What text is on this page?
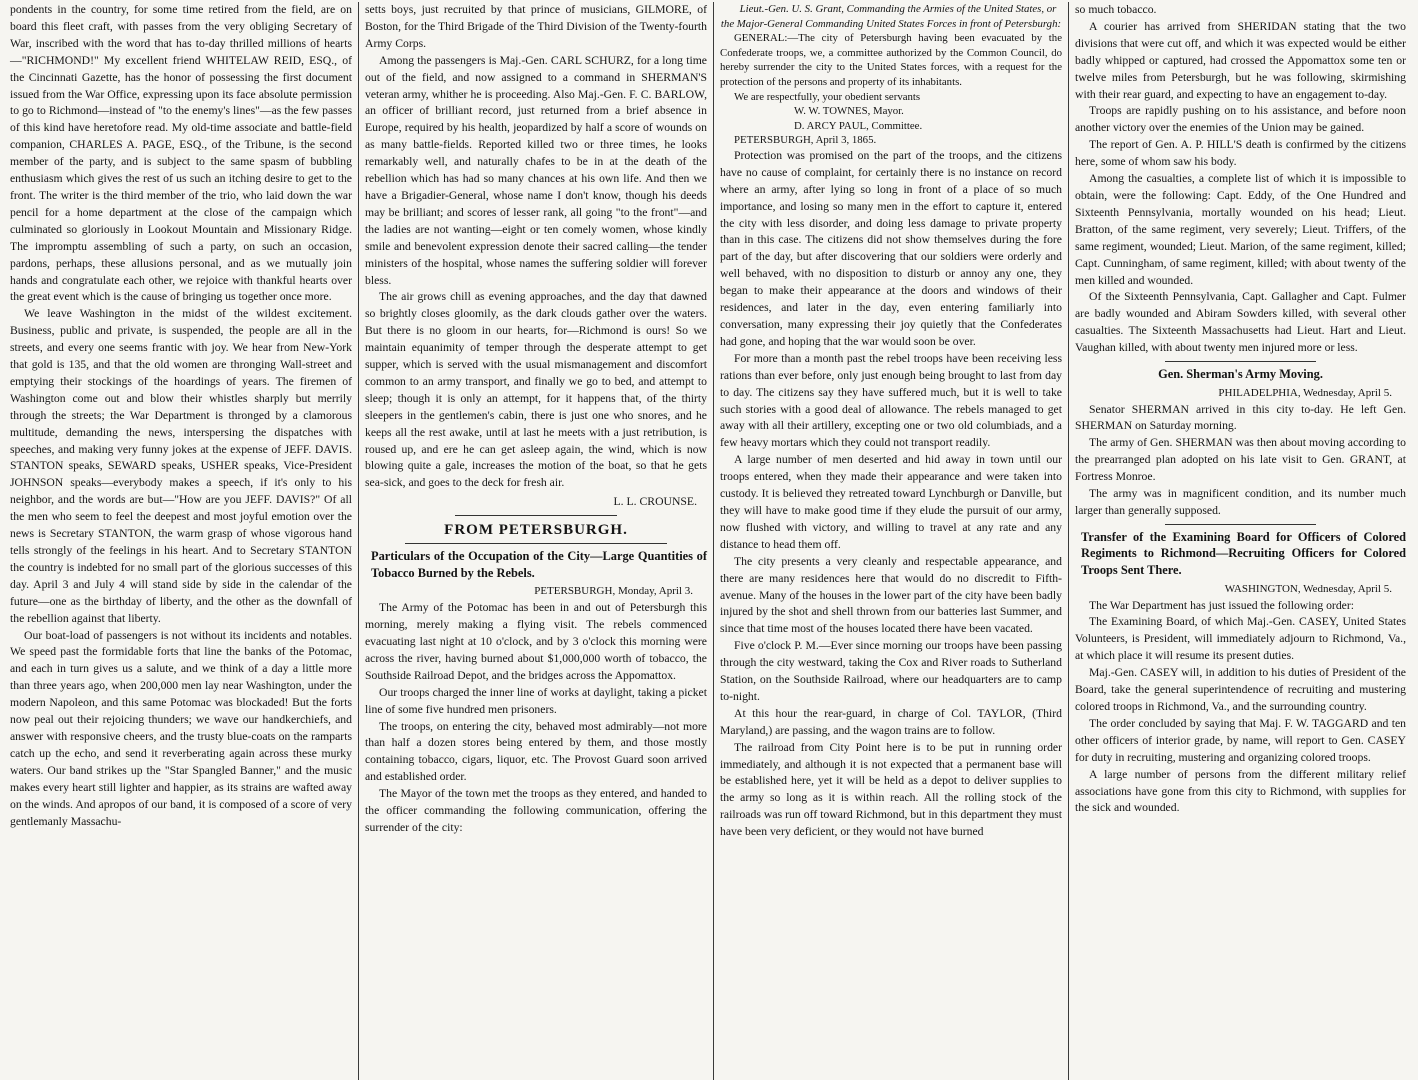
pondents in the country, for some time retired from the field, are on board this fleet craft, with passes from the very obliging Secretary of War, inscribed with the word that has to-day thrilled millions of hearts—"RICHMOND!" My excellent friend WHITELAW REID, ESQ., of the Cincinnati Gazette, has the honor of possessing the first document issued from the War Office, expressing upon its face absolute permission to go to Richmond—instead of "to the enemy's lines"—as the few passes of this kind have heretofore read. My old-time associate and battle-field companion, CHARLES A. PAGE, ESQ., of the Tribune, is the second member of the party, and is subject to the same spasm of bubbling enthusiasm which gives the rest of us such an itching desire to get to the front. The writer is the third member of the trio, who laid down the war pencil for a home department at the close of the campaign which culminated so gloriously in Lookout Mountain and Missionary Ridge. The impromptu assembling of such a party, on such an occasion, pardons, perhaps, these allusions personal, and as we mutually join hands and congratulate each other, we rejoice with thankful hearts over the great event which is the cause of bringing us together once more.

We leave Washington in the midst of the wildest excitement. Business, public and private, is suspended, the people are all in the streets, and every one seems frantic with joy. We hear from New-York that gold is 135, and that the old women are thronging Wall-street and emptying their stockings of the hoardings of years. The firemen of Washington come out and blow their whistles sharply but merrily through the streets; the War Department is thronged by a clamorous multitude, demanding the news, interspersing the dispatches with speeches, and making very funny jokes at the expense of JEFF. DAVIS. STANTON speaks, SEWARD speaks, USHER speaks, Vice-President JOHNSON speaks—everybody makes a speech, if it's only to his neighbor, and the words are but—"How are you JEFF. DAVIS?" Of all the men who seem to feel the deepest and most joyful emotion over the news is Secretary STANTON, the warm grasp of whose vigorous hand tells strongly of the feelings in his heart. And to Secretary STANTON the country is indebted for no small part of the glorious successes of this day. April 3 and July 4 will stand side by side in the calendar of the future—one as the birthday of liberty, and the other as the downfall of the rebellion against that liberty.

Our boat-load of passengers is not without its incidents and notables. We speed past the formidable forts that line the banks of the Potomac, and each in turn gives us a salute, and we think of a day a little more than three years ago, when 200,000 men lay near Washington, under the modern Napoleon, and this same Potomac was blockaded! But the forts now peal out their rejoicing thunders; we wave our handkerchiefs, and answer with responsive cheers, and the trusty blue-coats on the ramparts catch up the echo, and send it reverberating again across these murky waters. Our band strikes up the "Star Spangled Banner," and the music makes every heart still lighter and happier, as its strains are wafted away on the winds. And apropos of our band, it is composed of a score of very gentlemanly Massachu-

setts boys, just recruited by that prince of musicians, GILMORE, of Boston, for the Third Brigade of the Third Division of the Twenty-fourth Army Corps.

Among the passengers is Maj.-Gen. CARL SCHURZ, for a long time out of the field, and now assigned to a command in SHERMAN'S veteran army, whither he is proceeding. Also Maj.-Gen. F. C. BARLOW, an officer of brilliant record, just returned from a brief absence in Europe, required by his health, jeopardized by half a score of wounds on as many battle-fields. Reported killed two or three times, he looks remarkably well, and naturally chafes to be in at the death of the rebellion which has had so many chances at his own life. And then we have a Brigadier-General, whose name I don't know, though his deeds may be brilliant; and scores of lesser rank, all going "to the front"—and the ladies are not wanting—eight or ten comely women, whose kindly smile and benevolent expression denote their sacred calling—the tender ministers of the hospital, whose names the suffering soldier will forever bless.

The air grows chill as evening approaches, and the day that dawned so brightly closes gloomily, as the dark clouds gather over the waters. But there is no gloom in our hearts, for—Richmond is ours! So we maintain equanimity of temper through the desperate attempt to get supper, which is served with the usual mismanagement and discomfort common to an army transport, and finally we go to bed, and attempt to sleep; though it is only an attempt, for it happens that, of the thirty sleepers in the gentlemen's cabin, there is just one who snores, and he keeps all the rest awake, until at last he meets with a just retribution, is roused up, and ere he can get asleep again, the wind, which is now blowing quite a gale, increases the motion of the boat, so that he gets sea-sick, and goes to the deck for fresh air.

L. L. CROUNSE.

FROM PETERSBURGH.
Particulars of the Occupation of the City—Large Quantities of Tobacco Burned by the Rebels.

PETERSBURGH, Monday, April 3.

The Army of the Potomac has been in and out of Petersburgh this morning, merely making a flying visit. The rebels commenced evacuating last night at 10 o'clock, and by 3 o'clock this morning were across the river, having burned about $1,000,000 worth of tobacco, the Southside Railroad Depot, and the bridges across the Appomattox.

Our troops charged the inner line of works at daylight, taking a picket line of some five hundred men prisoners.

The troops, on entering the city, behaved most admirably—not more than half a dozen stores being entered by them, and those mostly containing tobacco, cigars, liquor, etc. The Provost Guard soon arrived and established order.

The Mayor of the town met the troops as they entered, and handed to the officer commanding the following communication, offering the surrender of the city:

Lieut.-Gen. U. S. Grant, Commanding the Armies of the United States, or the Major-General Commanding United States Forces in front of Petersburgh:

GENERAL:—The city of Petersburgh having been evacuated by the Confederate troops, we, a committee authorized by the Common Council, do hereby surrender the city to the United States forces, with a request for the protection of the persons and property of its inhabitants.

We are respectfully, your obedient servants

W. W. TOWNES, Mayor.

D. ARCY PAUL, Committee.

PETERSBURGH, April 3, 1865.

Protection was promised on the part of the troops, and the citizens have no cause of complaint, for certainly there is no instance on record where an army, after lying so long in front of a place of so much importance, and losing so many men in the effort to capture it, entered the city with less disorder, and doing less damage to private property than in this case. The citizens did not show themselves during the fore part of the day, but after discovering that our soldiers were orderly and well behaved, with no disposition to disturb or annoy any one, they began to make their appearance at the doors and windows of their residences, and later in the day, even entering familiarly into conversation, many expressing their joy quietly that the Confederates had gone, and hoping that the war would soon be over.

For more than a month past the rebel troops have been receiving less rations than ever before, only just enough being brought to last from day to day. The citizens say they have suffered much, but it is well to take such stories with a good deal of allowance. The rebels managed to get away with all their artillery, excepting one or two old columbiads, and a few heavy mortars which they could not transport readily.

A large number of men deserted and hid away in town until our troops entered, when they made their appearance and were taken into custody. It is believed they retreated toward Lynchburgh or Danville, but they will have to make good time if they elude the pursuit of our army, now flushed with victory, and willing to travel at any rate and any distance to head them off.

The city presents a very cleanly and respectable appearance, and there are many residences here that would do no discredit to Fifth-avenue. Many of the houses in the lower part of the city have been badly injured by the shot and shell thrown from our batteries last Summer, and since that time most of the houses located there have been vacated.

Five o'clock P. M.—Ever since morning our troops have been passing through the city westward, taking the Cox and River roads to Sutherland Station, on the Southside Railroad, where our headquarters are to camp to-night.

At this hour the rear-guard, in charge of Col. TAYLOR, (Third Maryland,) are passing, and the wagon trains are to follow.

The railroad from City Point here is to be put in running order immediately, and although it is not expected that a permanent base will be established here, yet it will be held as a depot to deliver supplies to the army so long as it is within reach. All the rolling stock of the railroads was run off toward Richmond, but in this department they must have been very deficient, or they would not have burned

so much tobacco.

A courier has arrived from SHERIDAN stating that the two divisions that were cut off, and which it was expected would be either badly whipped or captured, had crossed the Appomattox some ten or twelve miles from Petersburgh, but he was following, skirmishing with their rear guard, and expecting to have an engagement to-day.

Troops are rapidly pushing on to his assistance, and before noon another victory over the enemies of the Union may be gained.

The report of Gen. A. P. HILL'S death is confirmed by the citizens here, some of whom saw his body.

Among the casualties, a complete list of which it is impossible to obtain, were the following: Capt. Eddy, of the One Hundred and Sixteenth Pennsylvania, mortally wounded on his head; Lieut. Bratton, of the same regiment, very severely; Lieut. Triffers, of the same regiment, wounded; Lieut. Marion, of the same regiment, killed; Capt. Cunningham, of same regiment, killed; with about twenty of the men killed and wounded.

Of the Sixteenth Pennsylvania, Capt. Gallagher and Capt. Fulmer are badly wounded and Abiram Sowders killed, with several other casualties. The Sixteenth Massachusetts had Lieut. Hart and Lieut. Vaughan killed, with about twenty men injured more or less.

Gen. Sherman's Army Moving.

PHILADELPHIA, Wednesday, April 5.

Senator SHERMAN arrived in this city to-day. He left Gen. SHERMAN on Saturday morning.

The army of Gen. SHERMAN was then about moving according to the prearranged plan adopted on his late visit to Gen. GRANT, at Fortress Monroe.

The army was in magnificent condition, and its number much larger than generally supposed.

Transfer of the Examining Board for Officers of Colored Regiments to Richmond—Recruiting Officers for Colored Troops Sent There.

WASHINGTON, Wednesday, April 5.

The War Department has just issued the following order:

The Examining Board, of which Maj.-Gen. CASEY, United States Volunteers, is President, will immediately adjourn to Richmond, Va., at which place it will resume its present duties.

Maj.-Gen. CASEY will, in addition to his duties of President of the Board, take the general superintendence of recruiting and mustering colored troops in Richmond, Va., and the surrounding country.

The order concluded by saying that Maj. F. W. TAGGARD and ten other officers of interior grade, by name, will report to Gen. CASEY for duty in recruiting, mustering and organizing colored troops.

A large number of persons from the different military relief associations have gone from this city to Richmond, with supplies for the sick and wounded.
